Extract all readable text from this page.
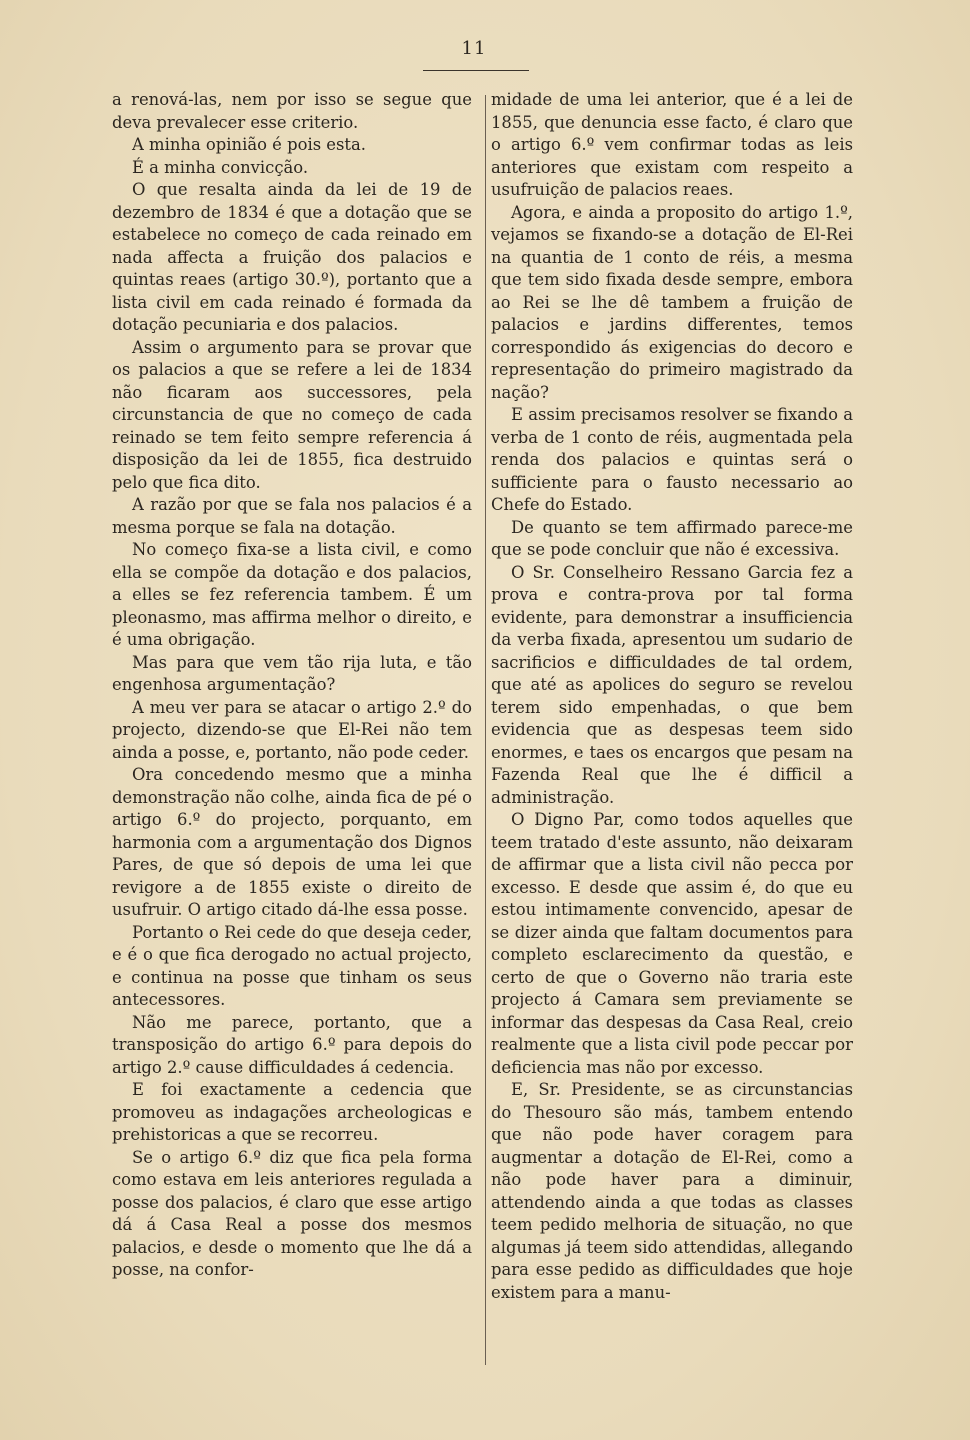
11

a renová-las, nem por isso se segue que deva prevalecer esse criterio.

A minha opinião é pois esta.

É a minha convicção.

O que resalta ainda da lei de 19 de dezembro de 1834 é que a dotação que se estabelece no começo de cada reinado em nada affecta a fruição dos palacios e quintas reaes (artigo 30.º), portanto que a lista civil em cada reinado é formada da dotação pecuniaria e dos palacios.

Assim o argumento para se provar que os palacios a que se refere a lei de 1834 não ficaram aos successores, pela circunstancia de que no começo de cada reinado se tem feito sempre referencia á disposição da lei de 1855, fica destruido pelo que fica dito.

A razão por que se fala nos palacios é a mesma porque se fala na dotação.

No começo fixa-se a lista civil, e como ella se compõe da dotação e dos palacios, a elles se fez referencia tambem. É um pleonasmo, mas affirma melhor o direito, e é uma obrigação.

Mas para que vem tão rija luta, e tão engenhosa argumentação?

A meu ver para se atacar o artigo 2.º do projecto, dizendo-se que El-Rei não tem ainda a posse, e, portanto, não pode ceder.

Ora concedendo mesmo que a minha demonstração não colhe, ainda fica de pé o artigo 6.º do projecto, porquanto, em harmonia com a argumentação dos Dignos Pares, de que só depois de uma lei que revigore a de 1855 existe o direito de usufruir. O artigo citado dá-lhe essa posse.

Portanto o Rei cede do que deseja ceder, e é o que fica derogado no actual projecto, e continua na posse que tinham os seus antecessores.

Não me parece, portanto, que a transposição do artigo 6.º para depois do artigo 2.º cause difficuldades á cedencia.

E foi exactamente a cedencia que promoveu as indagações archeologicas e prehistoricas a que se recorreu.

Se o artigo 6.º diz que fica pela forma como estava em leis anteriores regulada a posse dos palacios, é claro que esse artigo dá á Casa Real a posse dos mesmos palacios, e desde o momento que lhe dá a posse, na confor-

midade de uma lei anterior, que é a lei de 1855, que denuncia esse facto, é claro que o artigo 6.º vem confirmar todas as leis anteriores que existam com respeito a usufruição de palacios reaes.

Agora, e ainda a proposito do artigo 1.º, vejamos se fixando-se a dotação de El-Rei na quantia de 1 conto de réis, a mesma que tem sido fixada desde sempre, embora ao Rei se lhe dê tambem a fruição de palacios e jardins differentes, temos correspondido ás exigencias do decoro e representação do primeiro magistrado da nação?

E assim precisamos resolver se fixando a verba de 1 conto de réis, augmentada pela renda dos palacios e quintas será o sufficiente para o fausto necessario ao Chefe do Estado.

De quanto se tem affirmado parece-me que se pode concluir que não é excessiva.

O Sr. Conselheiro Ressano Garcia fez a prova e contra-prova por tal forma evidente, para demonstrar a insufficiencia da verba fixada, apresentou um sudario de sacrificios e difficuldades de tal ordem, que até as apolices do seguro se revelou terem sido empenhadas, o que bem evidencia que as despesas teem sido enormes, e taes os encargos que pesam na Fazenda Real que lhe é difficil a administração.

O Digno Par, como todos aquelles que teem tratado d'este assunto, não deixaram de affirmar que a lista civil não pecca por excesso. E desde que assim é, do que eu estou intimamente convencido, apesar de se dizer ainda que faltam documentos para completo esclarecimento da questão, e certo de que o Governo não traria este projecto á Camara sem previamente se informar das despesas da Casa Real, creio realmente que a lista civil pode peccar por deficiencia mas não por excesso.

E, Sr. Presidente, se as circunstancias do Thesouro são más, tambem entendo que não pode haver coragem para augmentar a dotação de El-Rei, como a não pode haver para a diminuir, attendendo ainda a que todas as classes teem pedido melhoria de situação, no que algumas já teem sido attendidas, allegando para esse pedido as difficuldades que hoje existem para a manu-
